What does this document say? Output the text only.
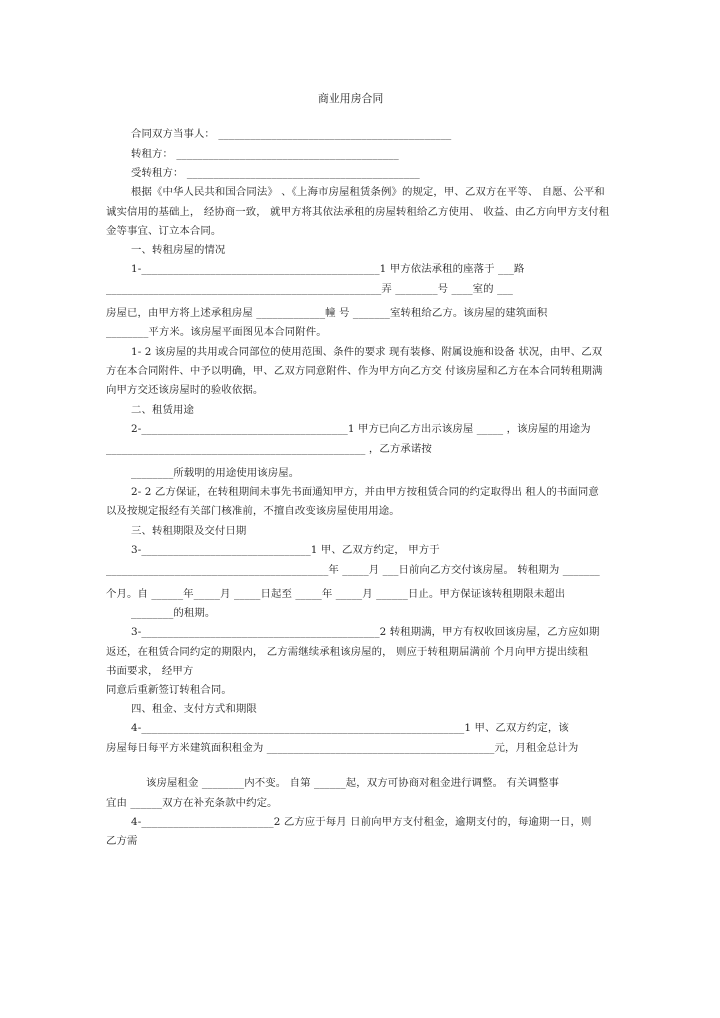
商业用房合同
合同双方当事人： ____________________________________________
转租方： __________________________________________
受转租方： ____________________________________________
根据《中华人民共和国合同法》 、《上海市房屋租赁条例》的规定，甲、乙双方在平等、 自愿、公平和
诚实信用的基础上， 经协商一致， 就甲方将其依法承租的房屋转租给乙方使用、 收益、由乙方向甲方支付租
金等事宜、订立本合同。
一、转租房屋的情况
1-_____________________________________________1 甲方依法承租的座落于 ___路
____________________________________________________弄 ________号 ____室的 ___
房屋已，由甲方将上述承租房屋 _____________幢 号 _______室转租给乙方。该房屋的建筑面积
________平方米。该房屋平面图见本合同附件。
1- 2 该房屋的共用或合同部位的使用范围、条件的要求 现有装修、附属设施和设备 状况，由甲、乙双
方在本合同附件、中予以明确，甲、乙双方同意附件、作为甲方向乙方交 付该房屋和乙方在本合同转租期满
向甲方交还该房屋时的验收依据。
二、租赁用途
2-_______________________________________1 甲方已向乙方出示该房屋 _____ ，该房屋的用途为
_________________________________________________ ，乙方承诺按
________所载明的用途使用该房屋。
2- 2 乙方保证，在转租期间未事先书面通知甲方，并由甲方按租赁合同的约定取得出 租人的书面同意
以及按规定报经有关部门核准前，不擅自改变该房屋使用用途。
三、转租期限及交付日期
3-________________________________1 甲、乙双方约定， 甲方于
__________________________________________年 _____月 ___日前向乙方交付该房屋。 转租期为 _______
个月。自 ______年_____月 _____日起至 _____年 _____月 ______日止。甲方保证该转租期限未超出
________的租期。
3-_____________________________________________2 转租期满，甲方有权收回该房屋，乙方应如期
返还，在租赁合同约定的期限内， 乙方需继续承租该房屋的， 则应于转租期届满前 个月向甲方提出续租
书面要求， 经甲方
同意后重新签订转租合同。
四、租金、支付方式和期限
4-_____________________________________________________________1 甲、乙双方约定，该
房屋每日每平方米建筑面积租金为 ___________________________________________元，月租金总计为
该房屋租金 ________内不变。 自第 ______起，双方可协商对租金进行调整。 有关调整事
宜由 ______双方在补充条款中约定。
4-_________________________2 乙方应于每月 日前向甲方支付租金，逾期支付的，每逾期一日，则
乙方需
